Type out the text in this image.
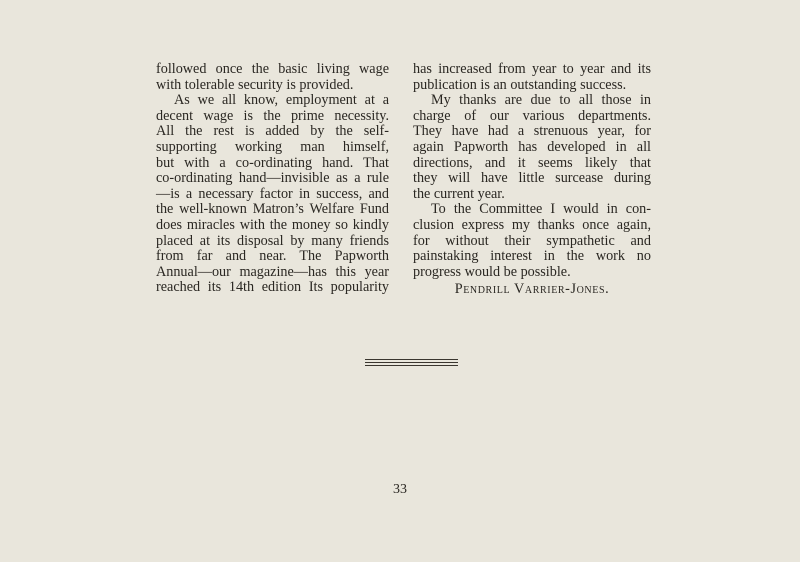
followed once the basic living wage
with tolerable security is provided.
As we all know, employment at a
decent wage is the prime necessity.
All the rest is added by the self-
supporting working man himself,
but with a co-ordinating hand. That
co-ordinating hand—invisible as a rule
—is a necessary factor in success, and
the well-known Matron’s Welfare Fund
does miracles with the money so kindly
placed at its disposal by many friends
from far and near. The Papworth
Annual—our magazine—has this year
reached its 14th edition Its popularity
has increased from year to year and its
publication is an outstanding success.
My thanks are due to all those in
charge of our various departments.
They have had a strenuous year, for
again Papworth has developed in all
directions, and it seems likely that
they will have little surcease during
the current year.
To the Committee I would in con-
clusion express my thanks once again,
for without their sympathetic and
painstaking interest in the work no
progress would be possible.
Pendrill Varrier-Jones.
33
